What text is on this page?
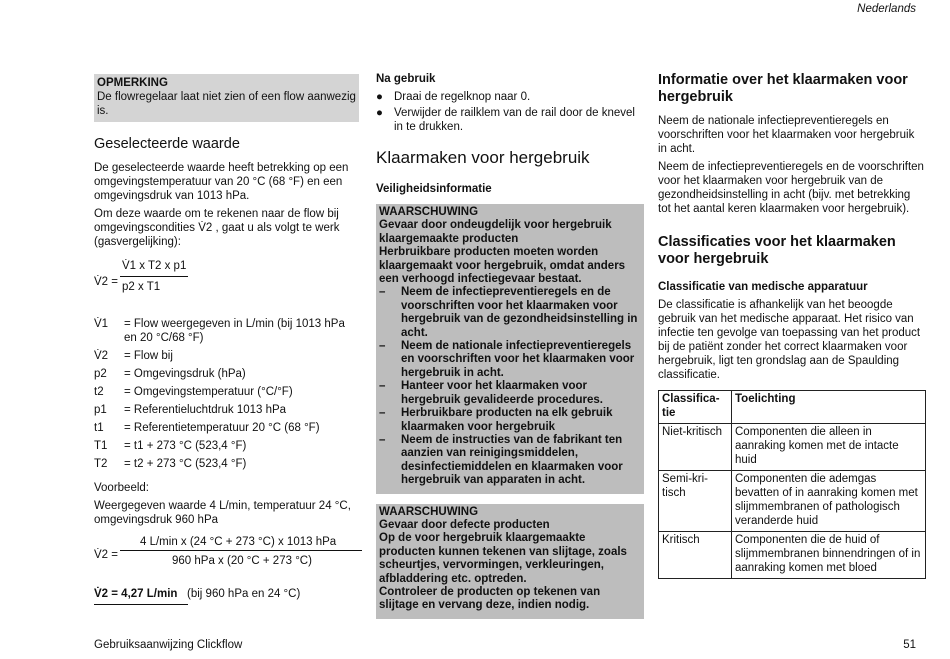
Nederlands
OPMERKING
De flowregelaar laat niet zien of een flow aanwezig is.
Geselecteerde waarde

De geselecteerde waarde heeft betrekking op een omgevingstemperatuur van 20 °C (68 °F) en een omgevingsdruk van 1013 hPa.

Om deze waarde om te rekenen naar de flow bij omgevingscondities V̇2 , gaat u als volgt te werk (gasvergelijking):

V̇2 =
V̇1 x T2 x p1
p2 x T1
V̇1	= Flow weergegeven in L/min (bij 1013 hPa en 20 °C/68 °F)
V̇2	= Flow bij
p2	= Omgevingsdruk (hPa)
t2	= Omgevingstemperatuur (°C/°F)
p1	= Referentieluchtdruk 1013 hPa
t1	= Referentietemperatuur 20 °C (68 °F)
T1	= t1 + 273 °C (523,4 °F)
T2	= t2 + 273 °C (523,4 °F)

Voorbeeld:

Weergegeven waarde 4 L/min, temperatuur 24 °C, omgevingsdruk 960 hPa

V̇2 =
4 L/min x (24 °C + 273 °C) x 1013 hPa
960 hPa x (20 °C + 273 °C)
V̇2 = 4,27 L/min (bij 960 hPa en 24 °C)
Na gebruik
● Draai de regelknop naar 0.
● Verwijder de railklem van de rail door de knevel in te drukken.
Klaarmaken voor hergebruik
Veiligheidsinformatie
WAARSCHUWING
Gevaar door ondeugdelijk voor hergebruik klaargemaakte producten
Herbruikbare producten moeten worden klaargemaakt voor hergebruik, omdat anders een verhoogd infectiegevaar bestaat.
–	Neem de infectiepreventieregels en de voorschriften voor het klaarmaken voor hergebruik van de gezondheidsinstelling in acht.
–	Neem de nationale infectiepreventieregels en voorschriften voor het klaarmaken voor hergebruik in acht.
–	Hanteer voor het klaarmaken voor hergebruik gevalideerde procedures.
–	Herbruikbare producten na elk gebruik klaarmaken voor hergebruik
–	Neem de instructies van de fabrikant ten aanzien van reinigingsmiddelen, desinfectiemiddelen en klaarmaken voor hergebruik van apparaten in acht.
WAARSCHUWING
Gevaar door defecte producten
Op de voor hergebruik klaargemaakte producten kunnen tekenen van slijtage, zoals scheurtjes, vervormingen, verkleuringen, afbladdering etc. optreden.
Controleer de producten op tekenen van slijtage en vervang deze, indien nodig.
Informatie over het klaarmaken voor hergebruik

Neem de nationale infectiepreventieregels en voorschriften voor het klaarmaken voor hergebruik in acht.

Neem de infectiepreventieregels en de voorschriften voor het klaarmaken voor hergebruik van de gezondheidsinstelling in acht (bijv. met betrekking tot het aantal keren klaarmaken voor hergebruik).

Classificaties voor het klaarmaken voor hergebruik
Classificatie van medische apparatuur

De classificatie is afhankelijk van het beoogde gebruik van het medische apparaat. Het risico van infectie ten gevolge van toepassing van het product bij de patiënt zonder het correct klaarmaken voor hergebruik, ligt ten grondslag aan de Spaulding classificatie.

Classifica-tie	Toelichting
Niet-kritisch	Componenten die alleen in aanraking komen met de intacte huid
Semi-kri-tisch	Componenten die ademgas bevatten of in aanraking komen met slijmmembranen of pathologisch veranderde huid
Kritisch	Componenten die de huid of slijmmembranen binnendringen of in aanraking komen met bloed
Gebruiksaanwijzing Clickflow	51
